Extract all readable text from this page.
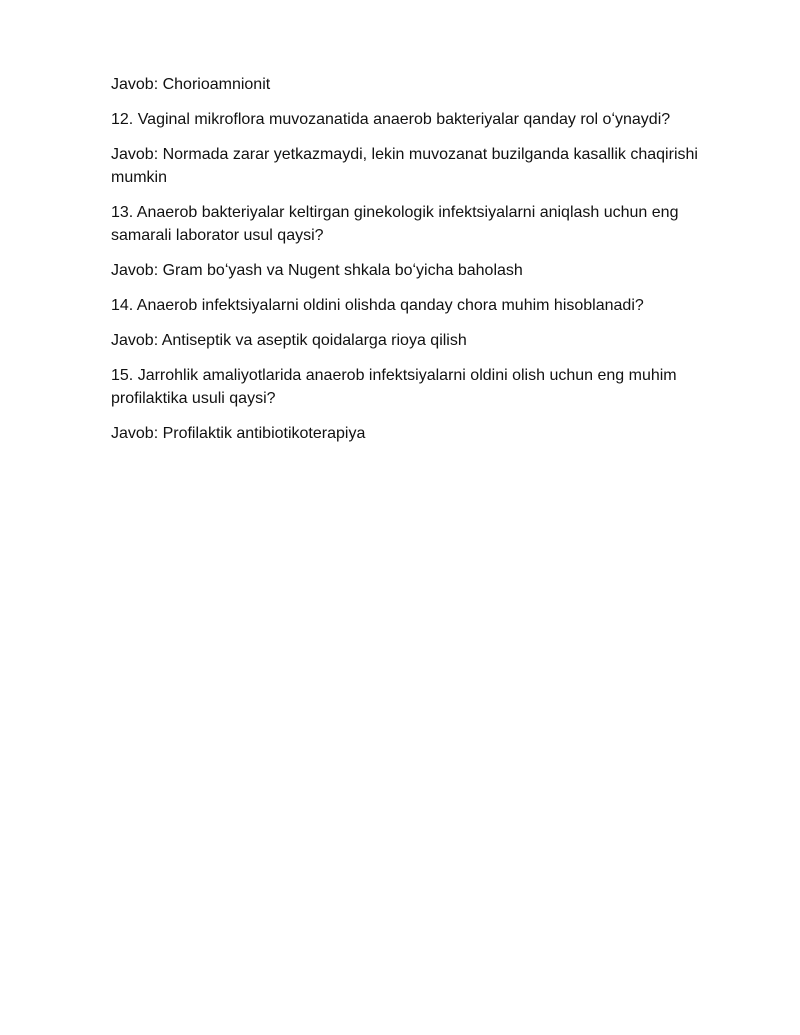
Javob: Chorioamnionit

12. Vaginal mikroflora muvozanatida anaerob bakteriyalar qanday rol oʻynaydi?

Javob: Normada zarar yetkazmaydi, lekin muvozanat buzilganda kasallik chaqirishi mumkin

13. Anaerob bakteriyalar keltirgan ginekologik infektsiyalarni aniqlash uchun eng samarali laborator usul qaysi?

Javob: Gram boʻyash va Nugent shkala boʻyicha baholash

14. Anaerob infektsiyalarni oldini olishda qanday chora muhim hisoblanadi?

Javob: Antiseptik va aseptik qoidalarga rioya qilish

15. Jarrohlik amaliyotlarida anaerob infektsiyalarni oldini olish uchun eng muhim profilaktika usuli qaysi?

Javob: Profilaktik antibiotikoterapiya
